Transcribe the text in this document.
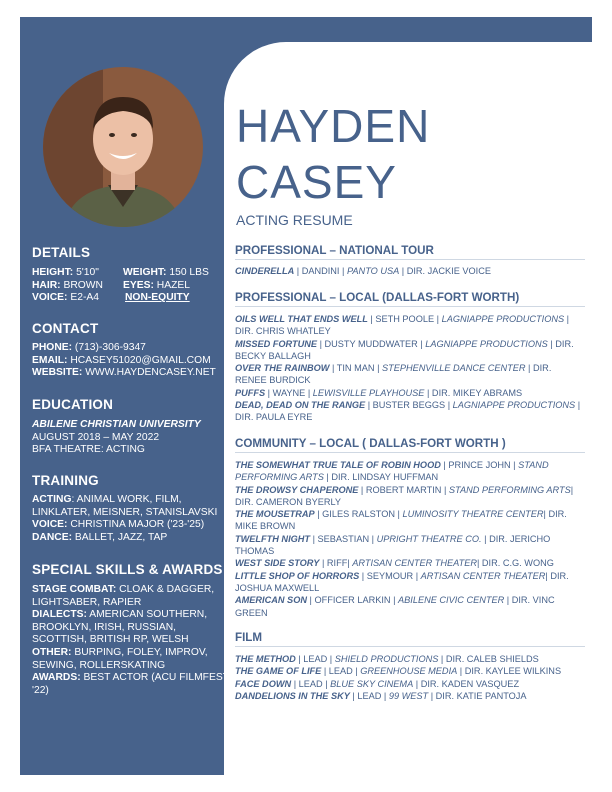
HAYDEN
CASEY
ACTING RESUME
DETAILS
HEIGHT: 5'10"	WEIGHT: 150 LBS
HAIR: BROWN	EYES: HAZEL
VOICE: E2-A4	NON-EQUITY
CONTACT
PHONE: (713)-306-9347
EMAIL: HCASEY51020@GMAIL.COM
WEBSITE: WWW.HAYDENCASEY.NET
EDUCATION
ABILENE CHRISTIAN UNIVERSITY
AUGUST 2018 – MAY 2022
BFA THEATRE: ACTING
TRAINING
ACTING: ANIMAL WORK, FILM, LINKLATER, MEISNER, STANISLAVSKI
VOICE: CHRISTINA MAJOR ('23-'25)
DANCE: BALLET, JAZZ, TAP
SPECIAL SKILLS & AWARDS
STAGE COMBAT: CLOAK & DAGGER, LIGHTSABER, RAPIER
DIALECTS: AMERICAN SOUTHERN, BROOKLYN, IRISH, RUSSIAN, SCOTTISH, BRITISH RP, WELSH
OTHER: BURPING, FOLEY, IMPROV, SEWING, ROLLERSKATING
AWARDS: BEST ACTOR (ACU FILMFEST '22)
PROFESSIONAL – NATIONAL TOUR
CINDERELLA | DANDINI | PANTO USA | DIR. JACKIE VOICE
PROFESSIONAL – LOCAL (DALLAS-FORT WORTH)
OILS WELL THAT ENDS WELL | SETH POOLE | LAGNIAPPE PRODUCTIONS | DIR. CHRIS WHATLEY
MISSED FORTUNE | DUSTY MUDDWATER | LAGNIAPPE PRODUCTIONS | DIR. BECKY BALLAGH
OVER THE RAINBOW | TIN MAN | STEPHENVILLE DANCE CENTER | DIR. RENEE BURDICK
PUFFS | WAYNE | LEWISVILLE PLAYHOUSE | DIR. MIKEY ABRAMS
DEAD, DEAD ON THE RANGE | BUSTER BEGGS | LAGNIAPPE PRODUCTIONS | DIR. PAULA EYRE
COMMUNITY – LOCAL ( DALLAS-FORT WORTH )
THE SOMEWHAT TRUE TALE OF ROBIN HOOD | PRINCE JOHN | STAND PERFORMING ARTS | DIR. LINDSAY HUFFMAN
THE DROWSY CHAPERONE | ROBERT MARTIN | STAND PERFORMING ARTS| DIR. CAMERON BYERLY
THE MOUSETRAP | GILES RALSTON | LUMINOSITY THEATRE CENTER| DIR. MIKE BROWN
TWELFTH NIGHT | SEBASTIAN | UPRIGHT THEATRE CO. | DIR. JERICHO THOMAS
WEST SIDE STORY | RIFF| ARTISAN CENTER THEATER| DIR. C.G. WONG
LITTLE SHOP OF HORRORS | SEYMOUR | ARTISAN CENTER THEATER| DIR. JOSHUA MAXWELL
AMERICAN SON | OFFICER LARKIN | ABILENE CIVIC CENTER | DIR. VINC GREEN
FILM
THE METHOD | LEAD | SHIELD PRODUCTIONS | DIR. CALEB SHIELDS
THE GAME OF LIFE | LEAD | GREENHOUSE MEDIA | DIR. KAYLEE WILKINS
FACE DOWN | LEAD | BLUE SKY CINEMA | DIR. KADEN VASQUEZ
DANDELIONS IN THE SKY | LEAD | 99 WEST | DIR. KATIE PANTOJA
